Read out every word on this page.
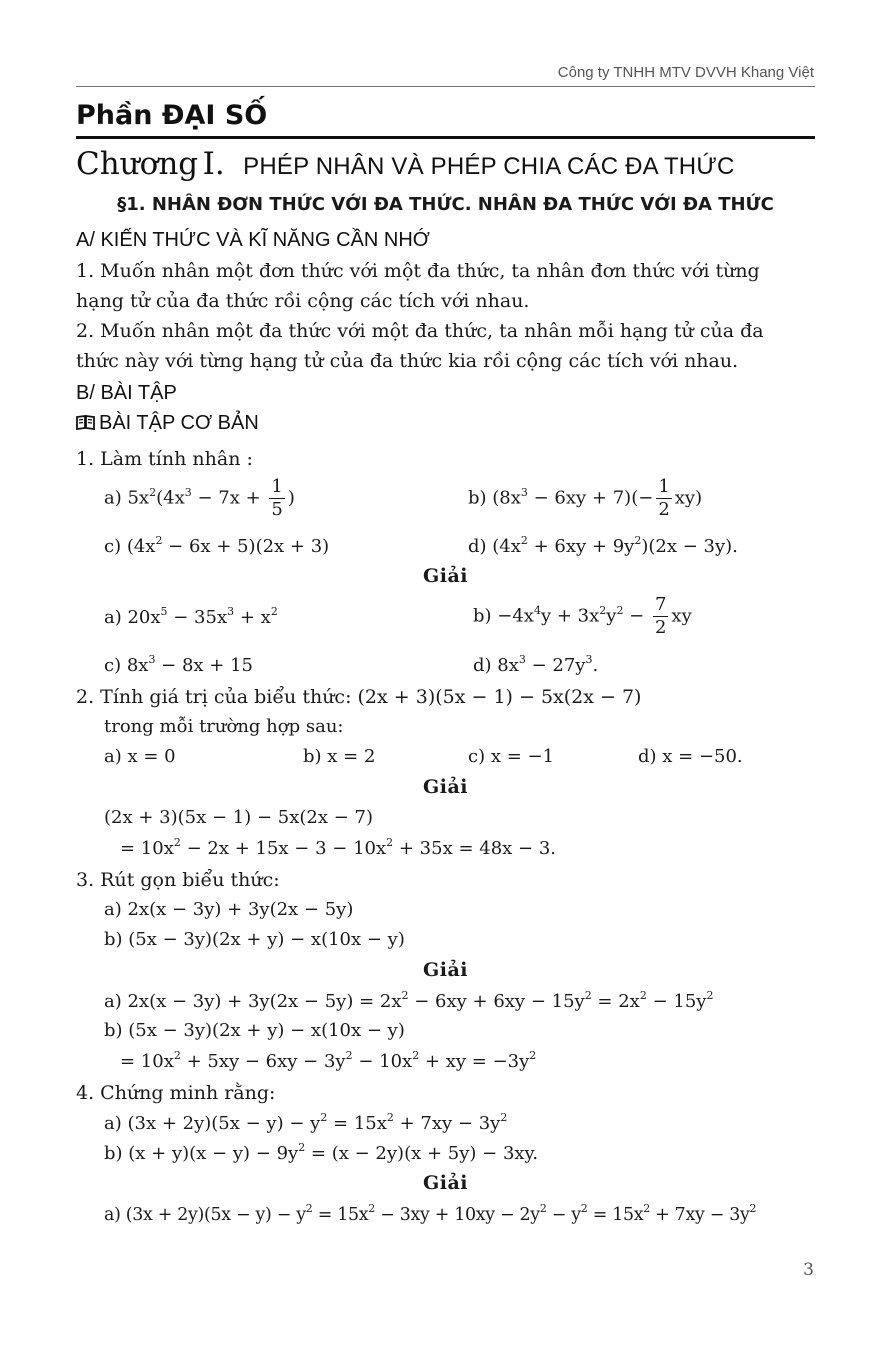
Công ty TNHH MTV DVVH Khang Việt
Phần ĐẠI SỐ
Chương I. PHÉP NHÂN VÀ PHÉP CHIA CÁC ĐA THỨC
§1. NHÂN ĐƠN THỨC VỚI ĐA THỨC. NHÂN ĐA THỨC VỚI ĐA THỨC
A/ KIẾN THỨC VÀ KĨ NĂNG CẦN NHỚ
1. Muốn nhân một đơn thức với một đa thức, ta nhân đơn thức với từng
hạng tử của đa thức rồi cộng các tích với nhau.
2. Muốn nhân một đa thức với một đa thức, ta nhân mỗi hạng tử của đa
thức này với từng hạng tử của đa thức kia rồi cộng các tích với nhau.
B/ BÀI TẬP
BÀI TẬP CƠ BẢN
1. Làm tính nhân :
a) $5x^2(4x^3 - 7x + \frac{1}{5}$ )	b) $(8x^3 - 6xy + 7)(- \frac{1}{2} xy)$
c) $(4x^2 - 6x + 5)(2x + 3)$	d) $(4x^2 + 6xy + 9y^2)(2x - 3y)$.
Giải
a) $20x^5 - 35x^3 + x^2$	$b) -4x^4y + 3x^2y^2 - \frac{7}{2}$ xy
c) $8x^3 - 8x + 15$	d) $8x^3 - 27y^3$.
2. Tính giá trị của biểu thức: (2x + 3)(5x − 1) − 5x(2x − 7)
trong mỗi trường hợp sau:
a) x = 0	b) x = 2	c) x = −1	d) x = −50.
Giải
(2x + 3)(5x − 1) − 5x(2x − 7)
= $10x^2 - 2x + 15x - 3 - 10x^2 + 35x = 48x - 3$.
3. Rút gọn biểu thức:
a) 2x(x − 3y) + 3y(2x − 5y)
b) (5x − 3y)(2x + y) − x(10x − y)
Giải
a) $2x(x - 3y) + 3y(2x - 5y) = 2x^2 - 6xy + 6xy - 15y^2 = 2x^2 - 15y^2$
b) (5x − 3y)(2x + y) − x(10x − y)
= $10x^2 + 5xy - 6xy - 3y^2 - 10x^2$ + xy = $-3y^2$
4. Chứng minh rằng:
a) $(3x + 2y)(5x - y) - y^2 = 15x^2 + 7xy - 3y^2$
b) $(x + y)(x - y) - 9y^2 = (x - 2y)(x + 5y) - 3xy$.
Giải
a) $(3x + 2y)(5x - y) - y^2 = 15x^2 - 3xy + 10xy - 2y^2 - y^2 = 15x^2 + 7xy - 3y^2$
3
